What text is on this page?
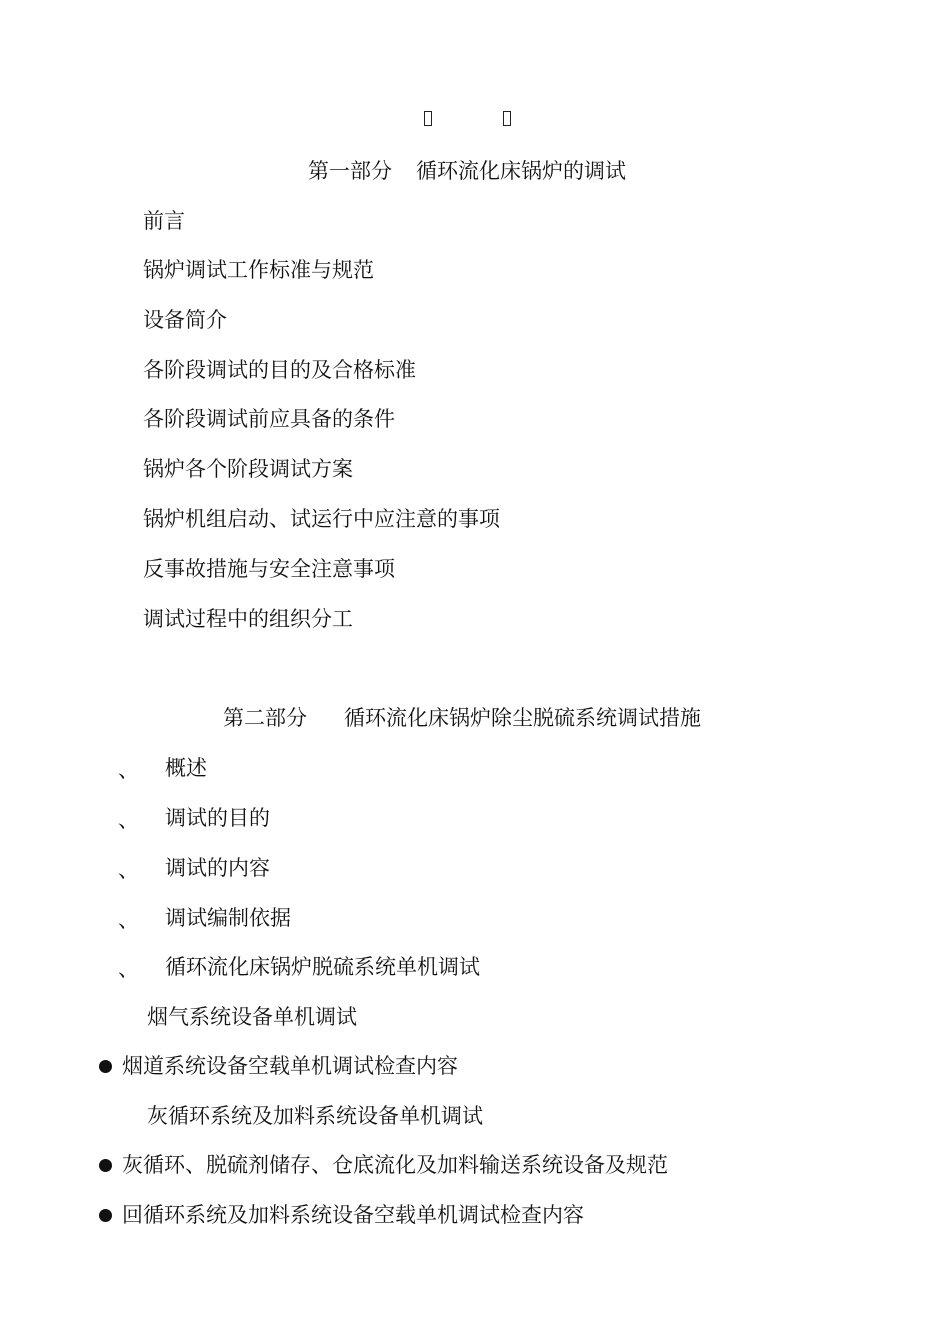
第一部分 循环流化床锅炉的调试
前言
锅炉调试工作标准与规范
设备简介
各阶段调试的目的及合格标准
各阶段调试前应具备的条件
锅炉各个阶段调试方案
锅炉机组启动、试运行中应注意的事项
反事故措施与安全注意事项
调试过程中的组织分工
第二部分 循环流化床锅炉除尘脱硫系统调试措施
、 概述
、 调试的目的
、 调试的内容
、 调试编制依据
、 循环流化床锅炉脱硫系统单机调试
烟气系统设备单机调试
烟道系统设备空载单机调试检查内容
灰循环系统及加料系统设备单机调试
灰循环、脱硫剂储存、仓底流化及加料输送系统设备及规范
回循环系统及加料系统设备空载单机调试检查内容
